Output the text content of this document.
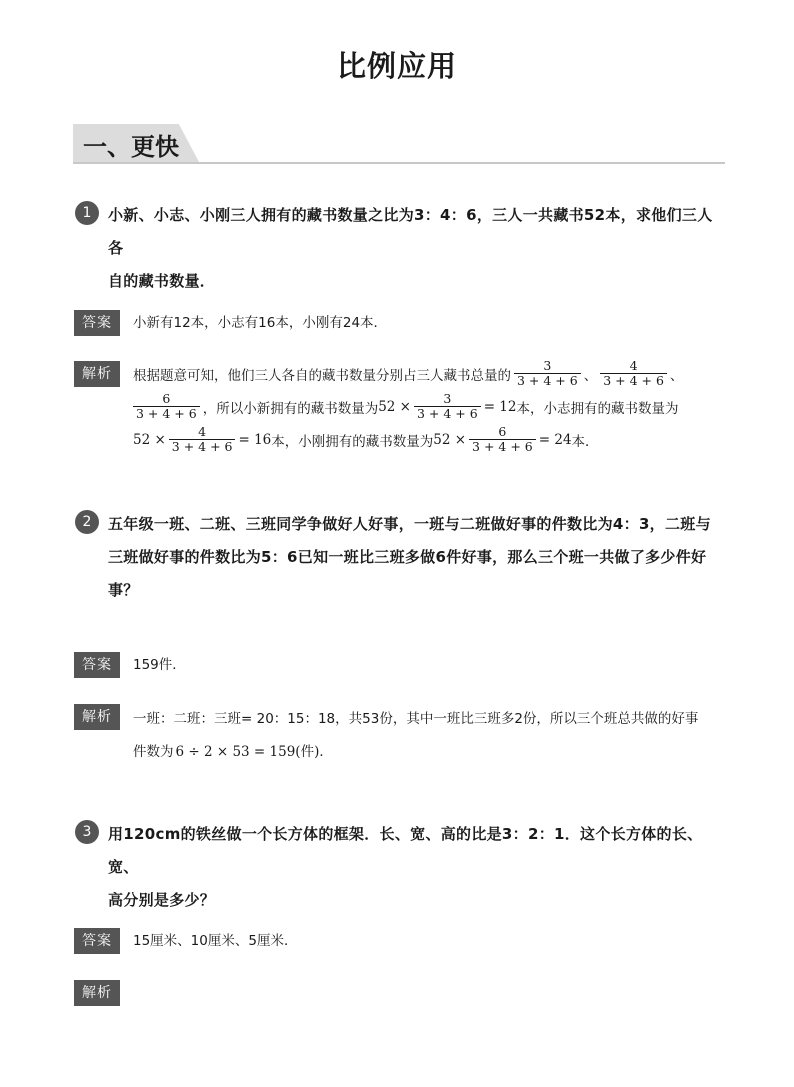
比例应用
一、更快
1	小新、小志、小刚三人拥有的藏书数量之比为3：4：6，三人一共藏书52本，求他们三人各
自的藏书数量．
答案	小新有12本，小志有16本，小刚有24本．
解析	根据题意可知，他们三人各自的藏书数量分别占三人藏书总量的 $\frac{3}{3 + 4 + 6}$ 、 $\frac{4}{3 + 4 + 6}$ 、
$\frac{6}{3 + 4 + 6}$ ，所以小新拥有的藏书数量为 $52 \times \frac{3}{3 + 4 + 6} = 12$ 本，小志拥有的藏书数量为
$52 \times \frac{4}{3 + 4 + 6} = 16$ 本，小刚拥有的藏书数量为 $52 \times \frac{6}{3 + 4 + 6} = 24$ 本．
2	五年级一班、二班、三班同学争做好人好事，一班与二班做好事的件数比为4：3，二班与
三班做好事的件数比为5：6已知一班比三班多做6件好事，那么三个班一共做了多少件好
事？
答案	159件．
解析	一班：二班：三班= 20：15：18，共53份，其中一班比三班多2份，所以三个班总共做的好事
件数为 6 ÷ 2 × 53 = 159(件) ．
3	用120cm的铁丝做一个长方体的框架．长、宽、高的比是3：2：1．这个长方体的长、宽、
高分别是多少？
答案	15厘米、10厘米、5厘米．
解析
